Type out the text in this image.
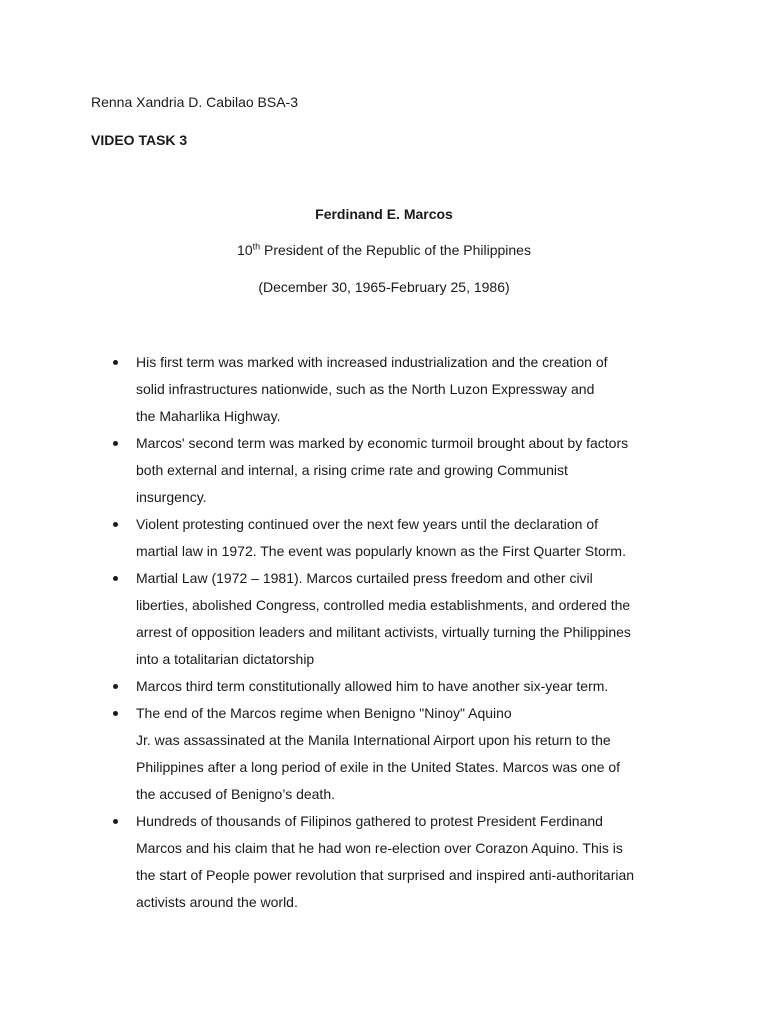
Renna Xandria D. Cabilao BSA-3
VIDEO TASK 3
Ferdinand E. Marcos
10th President of the Republic of the Philippines
(December 30, 1965-February 25, 1986)
His first term was marked with increased industrialization and the creation of
solid infrastructures nationwide, such as the North Luzon Expressway and
the Maharlika Highway.
Marcos' second term was marked by economic turmoil brought about by factors
both external and internal, a rising crime rate and growing Communist
insurgency.
Violent protesting continued over the next few years until the declaration of
martial law in 1972. The event was popularly known as the First Quarter Storm.
Martial Law (1972 – 1981). Marcos curtailed press freedom and other civil
liberties, abolished Congress, controlled media establishments, and ordered the
arrest of opposition leaders and militant activists, virtually turning the Philippines
into a totalitarian dictatorship
Marcos third term constitutionally allowed him to have another six-year term.
The end of the Marcos regime when Benigno "Ninoy" Aquino
Jr. was assassinated at the Manila International Airport upon his return to the
Philippines after a long period of exile in the United States. Marcos was one of
the accused of Benigno’s death.
Hundreds of thousands of Filipinos gathered to protest President Ferdinand
Marcos and his claim that he had won re-election over Corazon Aquino. This is
the start of People power revolution that surprised and inspired anti-authoritarian
activists around the world.
